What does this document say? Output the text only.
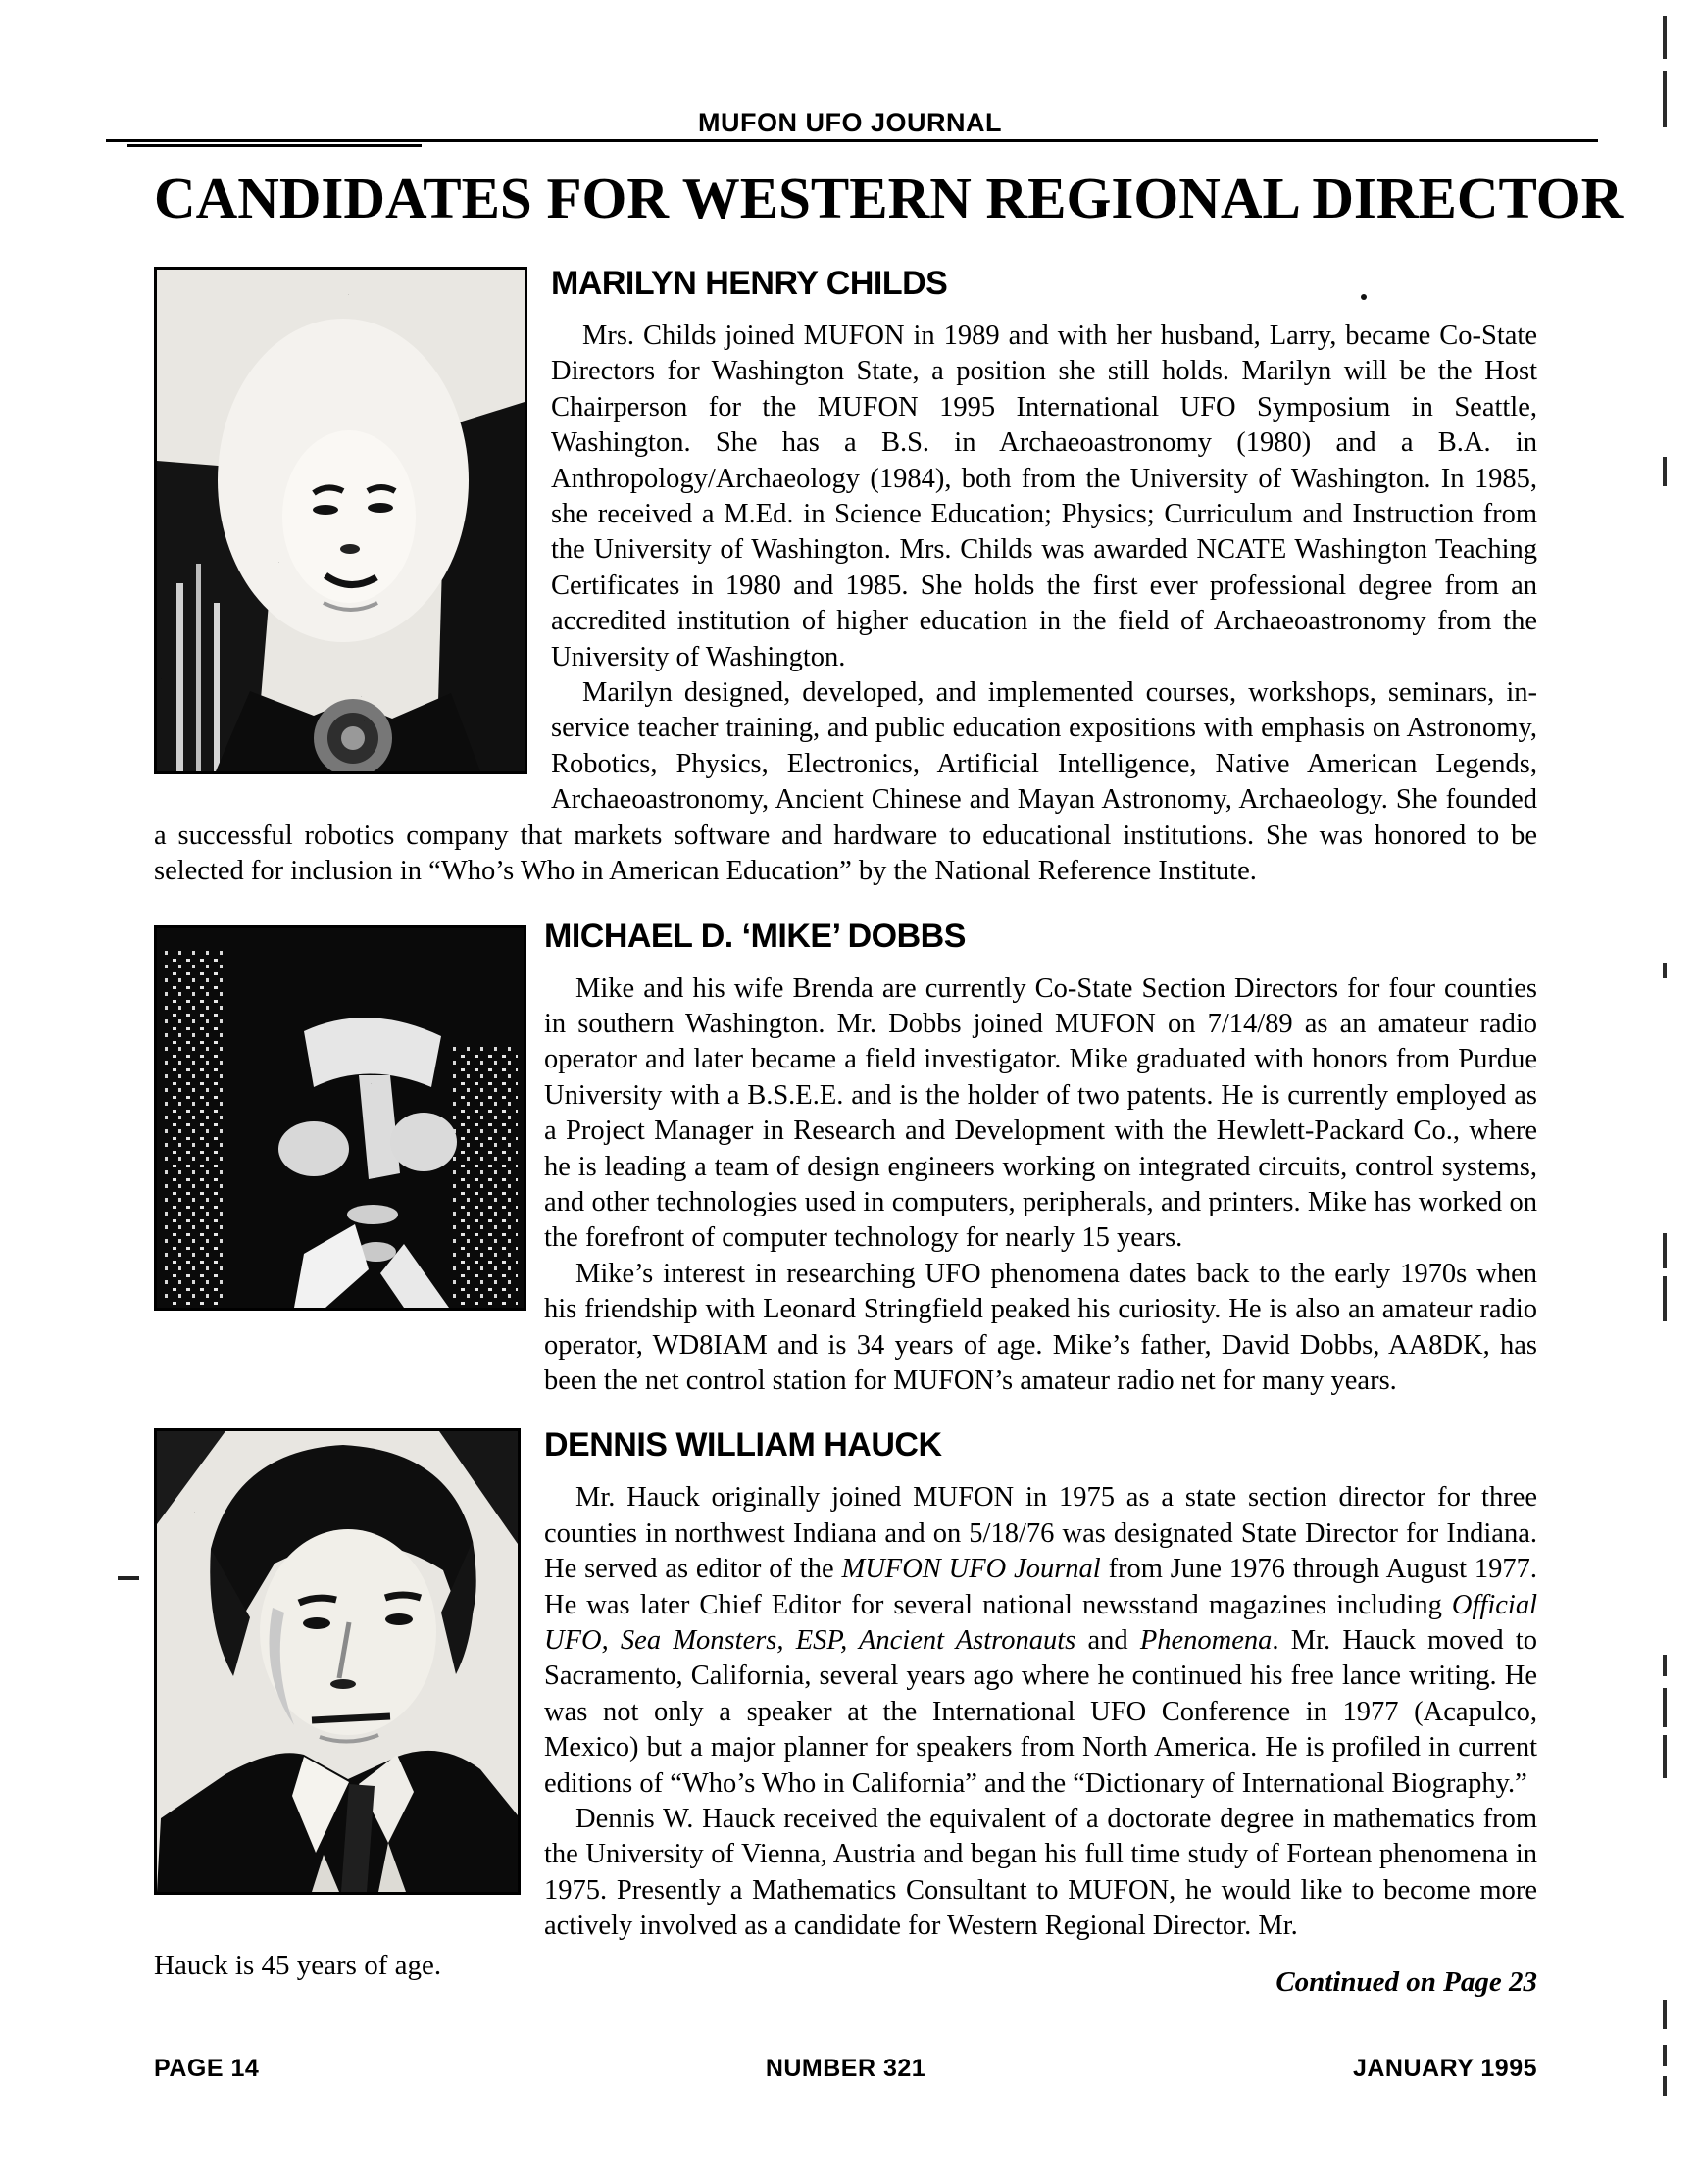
MUFON UFO JOURNAL
CANDIDATES FOR WESTERN REGIONAL DIRECTOR
MARILYN HENRY CHILDS

Mrs. Childs joined MUFON in 1989 and with her husband, Larry, became Co-State Directors for Washington State, a position she still holds. Marilyn will be the Host Chairperson for the MUFON 1995 International UFO Symposium in Seattle, Washington. She has a B.S. in Archaeoastronomy (1980) and a B.A. in Anthropology/Archaeology (1984), both from the University of Washington. In 1985, she received a M.Ed. in Science Education; Physics; Curriculum and Instruction from the University of Washington. Mrs. Childs was awarded NCATE Washington Teaching Certificates in 1980 and 1985. She holds the first ever professional degree from an accredited institution of higher education in the field of Archaeoastronomy from the University of Washington.

Marilyn designed, developed, and implemented courses, workshops, seminars, in-service teacher training, and public education expositions with emphasis on Astronomy, Robotics, Physics, Electronics, Artificial Intelligence, Native American Legends, Archaeoastronomy, Ancient Chinese and Mayan Astronomy, Archaeology. She founded a successful robotics company that markets software and hardware to educational institutions. She was honored to be selected for inclusion in “Who’s Who in American Education” by the National Reference Institute.

MICHAEL D. ‘MIKE’ DOBBS

Mike and his wife Brenda are currently Co-State Section Directors for four counties in southern Washington. Mr. Dobbs joined MUFON on 7/14/89 as an amateur radio operator and later became a field investigator. Mike graduated with honors from Purdue University with a B.S.E.E. and is the holder of two patents. He is currently employed as a Project Manager in Research and Development with the Hewlett-Packard Co., where he is leading a team of design engineers working on integrated circuits, control systems, and other technologies used in computers, peripherals, and printers. Mike has worked on the forefront of computer technology for nearly 15 years.

Mike’s interest in researching UFO phenomena dates back to the early 1970s when his friendship with Leonard Stringfield peaked his curiosity. He is also an amateur radio operator, WD8IAM and is 34 years of age. Mike’s father, David Dobbs, AA8DK, has been the net control station for MUFON’s amateur radio net for many years.

Hauck is 45 years of age.
DENNIS WILLIAM HAUCK

Mr. Hauck originally joined MUFON in 1975 as a state section director for three counties in northwest Indiana and on 5/18/76 was designated State Director for Indiana. He served as editor of the MUFON UFO Journal from June 1976 through August 1977. He was later Chief Editor for several national newsstand magazines including Official UFO, Sea Monsters, ESP, Ancient Astronauts and Phenomena. Mr. Hauck moved to Sacramento, California, several years ago where he continued his free lance writing. He was not only a speaker at the International UFO Conference in 1977 (Acapulco, Mexico) but a major planner for speakers from North America. He is profiled in current editions of “Who’s Who in California” and the “Dictionary of International Biography.”

Dennis W. Hauck received the equivalent of a doctorate degree in mathematics from the University of Vienna, Austria and began his full time study of Fortean phenomena in 1975. Presently a Mathematics Consultant to MUFON, he would like to become more actively involved as a candidate for Western Regional Director. Mr.

Continued on Page 23
PAGE 14	NUMBER 321	JANUARY 1995
